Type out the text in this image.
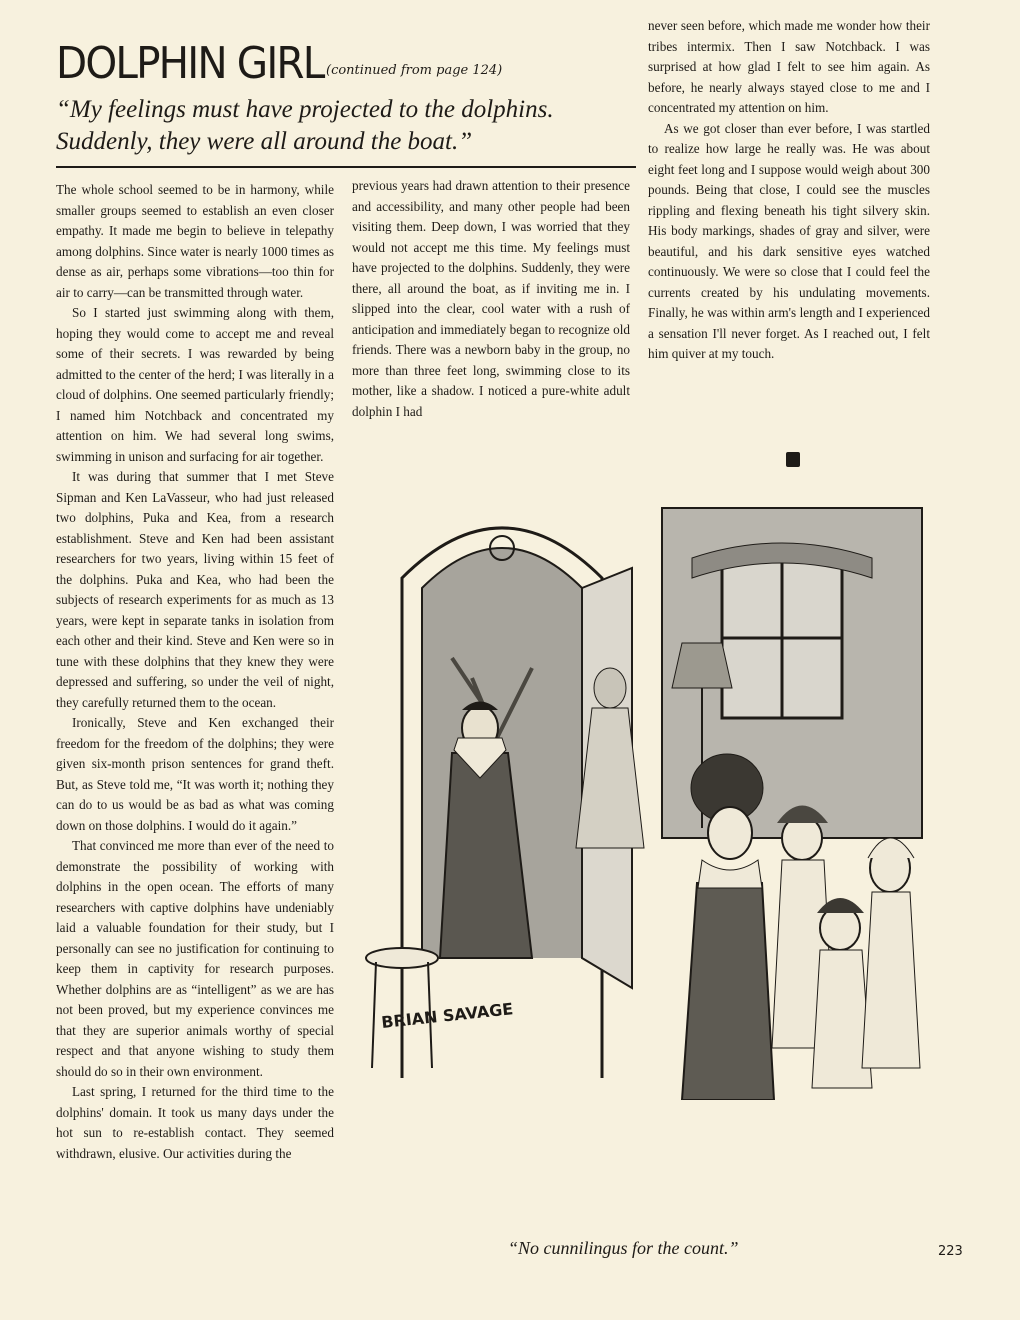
DOLPHIN GIRL (continued from page 124)

“My feelings must have projected to the dolphins. Suddenly, they were all around the boat.”

The whole school seemed to be in harmony, while smaller groups seemed to establish an even closer empathy. It made me begin to believe in telepathy among dolphins. Since water is nearly 1000 times as dense as air, perhaps some vibrations—too thin for air to carry—can be transmitted through water.

So I started just swimming along with them, hoping they would come to accept me and reveal some of their secrets. I was rewarded by being admitted to the center of the herd; I was literally in a cloud of dolphins. One seemed particularly friendly; I named him Notchback and concentrated my attention on him. We had several long swims, swimming in unison and surfacing for air together.

It was during that summer that I met Steve Sipman and Ken LaVasseur, who had just released two dolphins, Puka and Kea, from a research establishment. Steve and Ken had been assistant researchers for two years, living within 15 feet of the dolphins. Puka and Kea, who had been the subjects of research experiments for as much as 13 years, were kept in separate tanks in isolation from each other and their kind. Steve and Ken were so in tune with these dolphins that they knew they were depressed and suffering, so under the veil of night, they carefully returned them to the ocean.

Ironically, Steve and Ken exchanged their freedom for the freedom of the dolphins; they were given six-month prison sentences for grand theft. But, as Steve told me, “It was worth it; nothing they can do to us would be as bad as what was coming down on those dolphins. I would do it again.”

That convinced me more than ever of the need to demonstrate the possibility of working with dolphins in the open ocean. The efforts of many researchers with captive dolphins have undeniably laid a valuable foundation for their study, but I personally can see no justification for continuing to keep them in captivity for research purposes. Whether dolphins are as “intelligent” as we are has not been proved, but my experience convinces me that they are superior animals worthy of special respect and that anyone wishing to study them should do so in their own environment.

Last spring, I returned for the third time to the dolphins' domain. It took us many days under the hot sun to re-establish contact. They seemed withdrawn, elusive. Our activities during the

previous years had drawn attention to their presence and accessibility, and many other people had been visiting them. Deep down, I was worried that they would not accept me this time. My feelings must have projected to the dolphins. Suddenly, they were there, all around the boat, as if inviting me in. I slipped into the clear, cool water with a rush of anticipation and immediately began to recognize old friends. There was a newborn baby in the group, no more than three feet long, swimming close to its mother, like a shadow. I noticed a pure-white adult dolphin I had

never seen before, which made me wonder how their tribes intermix. Then I saw Notchback. I was surprised at how glad I felt to see him again. As before, he nearly always stayed close to me and I concentrated my attention on him.

As we got closer than ever before, I was startled to realize how large he really was. He was about eight feet long and I suppose would weigh about 300 pounds. Being that close, I could see the muscles rippling and flexing beneath his tight silvery skin. His body markings, shades of gray and silver, were beautiful, and his dark sensitive eyes watched continuously. We were so close that I could feel the currents created by his undulating movements. Finally, he was within arm's length and I experienced a sensation I'll never forget. As I reached out, I felt him quiver at my touch.

BRIAN SAVAGE
“No cunnilingus for the count.”	223
